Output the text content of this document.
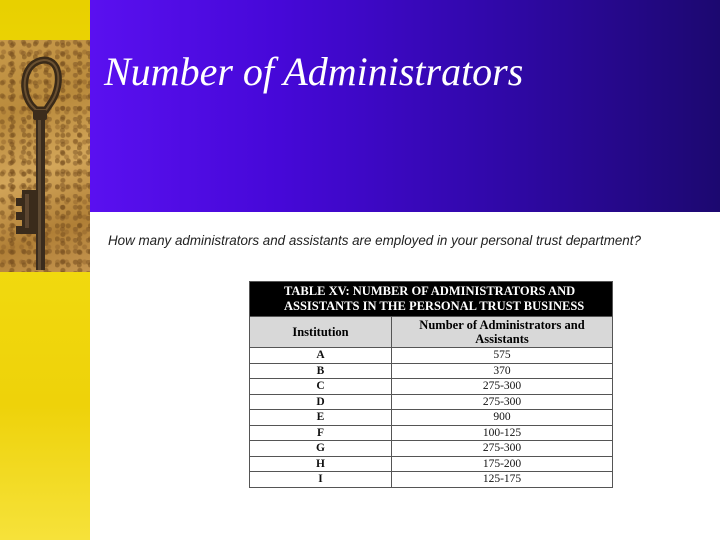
Number of Administrators
How many administrators and assistants are employed in your personal trust department?
TABLE XV: NUMBER OF ADMINISTRATORS AND
ASSISTANTS IN THE PERSONAL TRUST BUSINESS	

Institution	Number of Administrators and Assistants
A	575
B	370
C	275-300
D	275-300
E	900
F	100-125
G	275-300
H	175-200
I	125-175
